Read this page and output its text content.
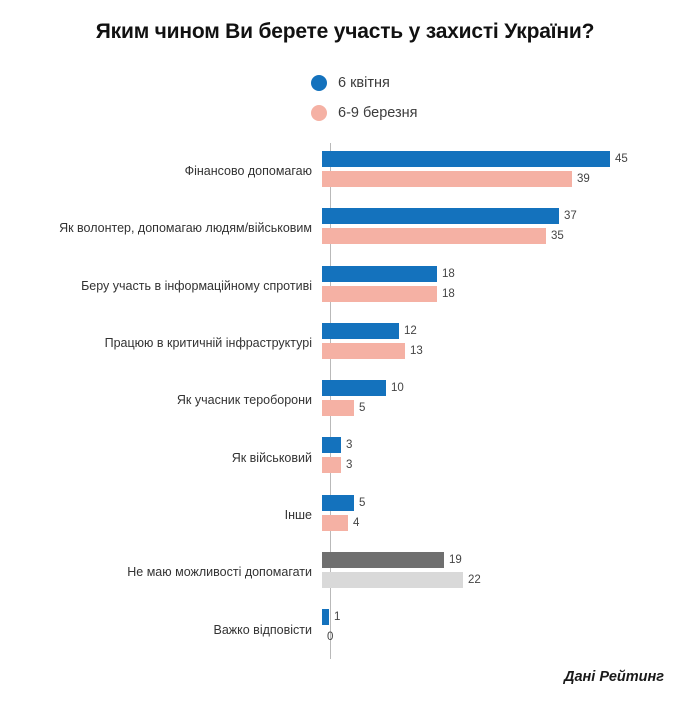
Яким чином Ви берете участь у захисті України?
6 квітня
6-9 березня
Фінансово допомагаю
45
39
Як волонтер, допомагаю людям/військовим
37
35
Беру участь в інформаційному спротиві
18
18
Працюю в критичній інфраструктурі
12
13
Як учасник тероборони
10
5
Як військовий
3
3
Інше
5
4
Не маю можливості допомагати
19
22
Важко відповісти
1
0
Дані Рейтинг
